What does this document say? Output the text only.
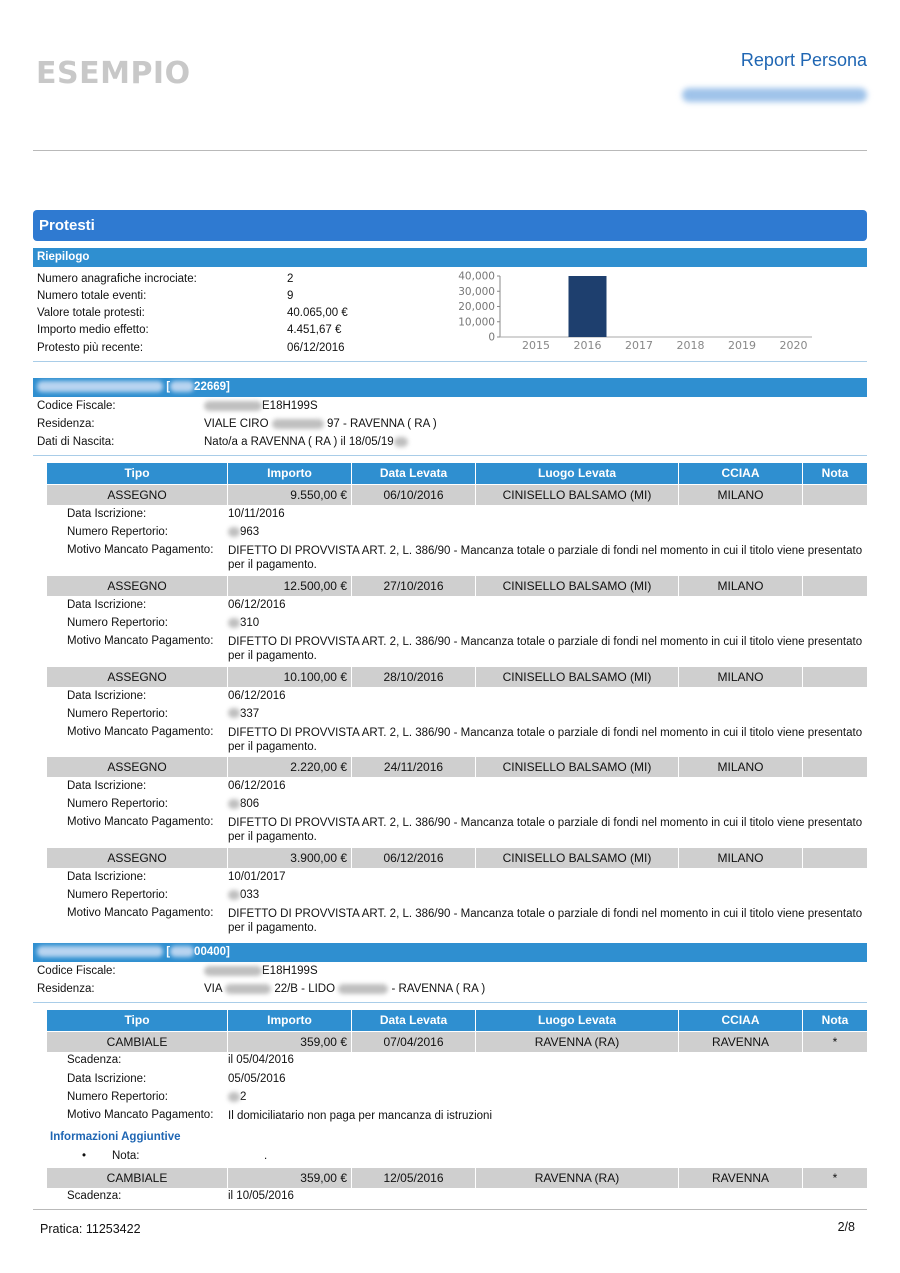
ESEMPIO	Report Persona
Protesti
Riepilogo
Numero anagrafiche incrociate:	2
Numero totale eventi:	9
Valore totale protesti:	40.065,00 €
Importo medio effetto:	4.451,67 €
Protesto più recente:	06/12/2016
40,000
30,000
20,000
10,000
0
2015 2016 2017 2018 2019 2020
[ 22669]
Codice Fiscale:	E18H199S
Residenza:	VIALE CIRO	97 - RAVENNA ( RA )
Dati di Nascita:	Nato/a a RAVENNA ( RA ) il 18/05/19
Tipo	Importo	Data Levata	Luogo Levata	CCIAA	Nota
ASSEGNO	9.550,00 €	06/10/2016	CINISELLO BALSAMO (MI)	MILANO
Data Iscrizione:	10/11/2016
Numero Repertorio:	963
Motivo Mancato Pagamento: DIFETTO DI PROVVISTA ART. 2, L. 386/90 - Mancanza totale o parziale di fondi nel momento in cui il titolo viene presentato per il pagamento.
ASSEGNO	12.500,00 €	27/10/2016	CINISELLO BALSAMO (MI)	MILANO
Data Iscrizione:	06/12/2016
Numero Repertorio:	310
Motivo Mancato Pagamento: DIFETTO DI PROVVISTA ART. 2, L. 386/90 - Mancanza totale o parziale di fondi nel momento in cui il titolo viene presentato per il pagamento.
ASSEGNO	10.100,00 €	28/10/2016	CINISELLO BALSAMO (MI)	MILANO
Data Iscrizione:	06/12/2016
Numero Repertorio:	337
Motivo Mancato Pagamento: DIFETTO DI PROVVISTA ART. 2, L. 386/90 - Mancanza totale o parziale di fondi nel momento in cui il titolo viene presentato per il pagamento.
ASSEGNO	2.220,00 €	24/11/2016	CINISELLO BALSAMO (MI)	MILANO
Data Iscrizione:	06/12/2016
Numero Repertorio:	806
Motivo Mancato Pagamento: DIFETTO DI PROVVISTA ART. 2, L. 386/90 - Mancanza totale o parziale di fondi nel momento in cui il titolo viene presentato per il pagamento.
ASSEGNO	3.900,00 €	06/12/2016	CINISELLO BALSAMO (MI)	MILANO
Data Iscrizione:	10/01/2017
Numero Repertorio:	033
Motivo Mancato Pagamento: DIFETTO DI PROVVISTA ART. 2, L. 386/90 - Mancanza totale o parziale di fondi nel momento in cui il titolo viene presentato per il pagamento.
[ 00400]
Codice Fiscale:	E18H199S
Residenza:	VIA	22/B - LIDO	- RAVENNA ( RA )
Tipo	Importo	Data Levata	Luogo Levata	CCIAA	Nota
CAMBIALE	359,00 €	07/04/2016	RAVENNA (RA)	RAVENNA	*
Scadenza:	il 05/04/2016
Data Iscrizione:	05/05/2016
Numero Repertorio:	2
Motivo Mancato Pagamento: Il domiciliatario non paga per mancanza di istruzioni
Informazioni Aggiuntive
• Nota:	.
CAMBIALE	359,00 €	12/05/2016	RAVENNA (RA)	RAVENNA	*
Scadenza:	il 10/05/2016
Pratica: 11253422	2/8
